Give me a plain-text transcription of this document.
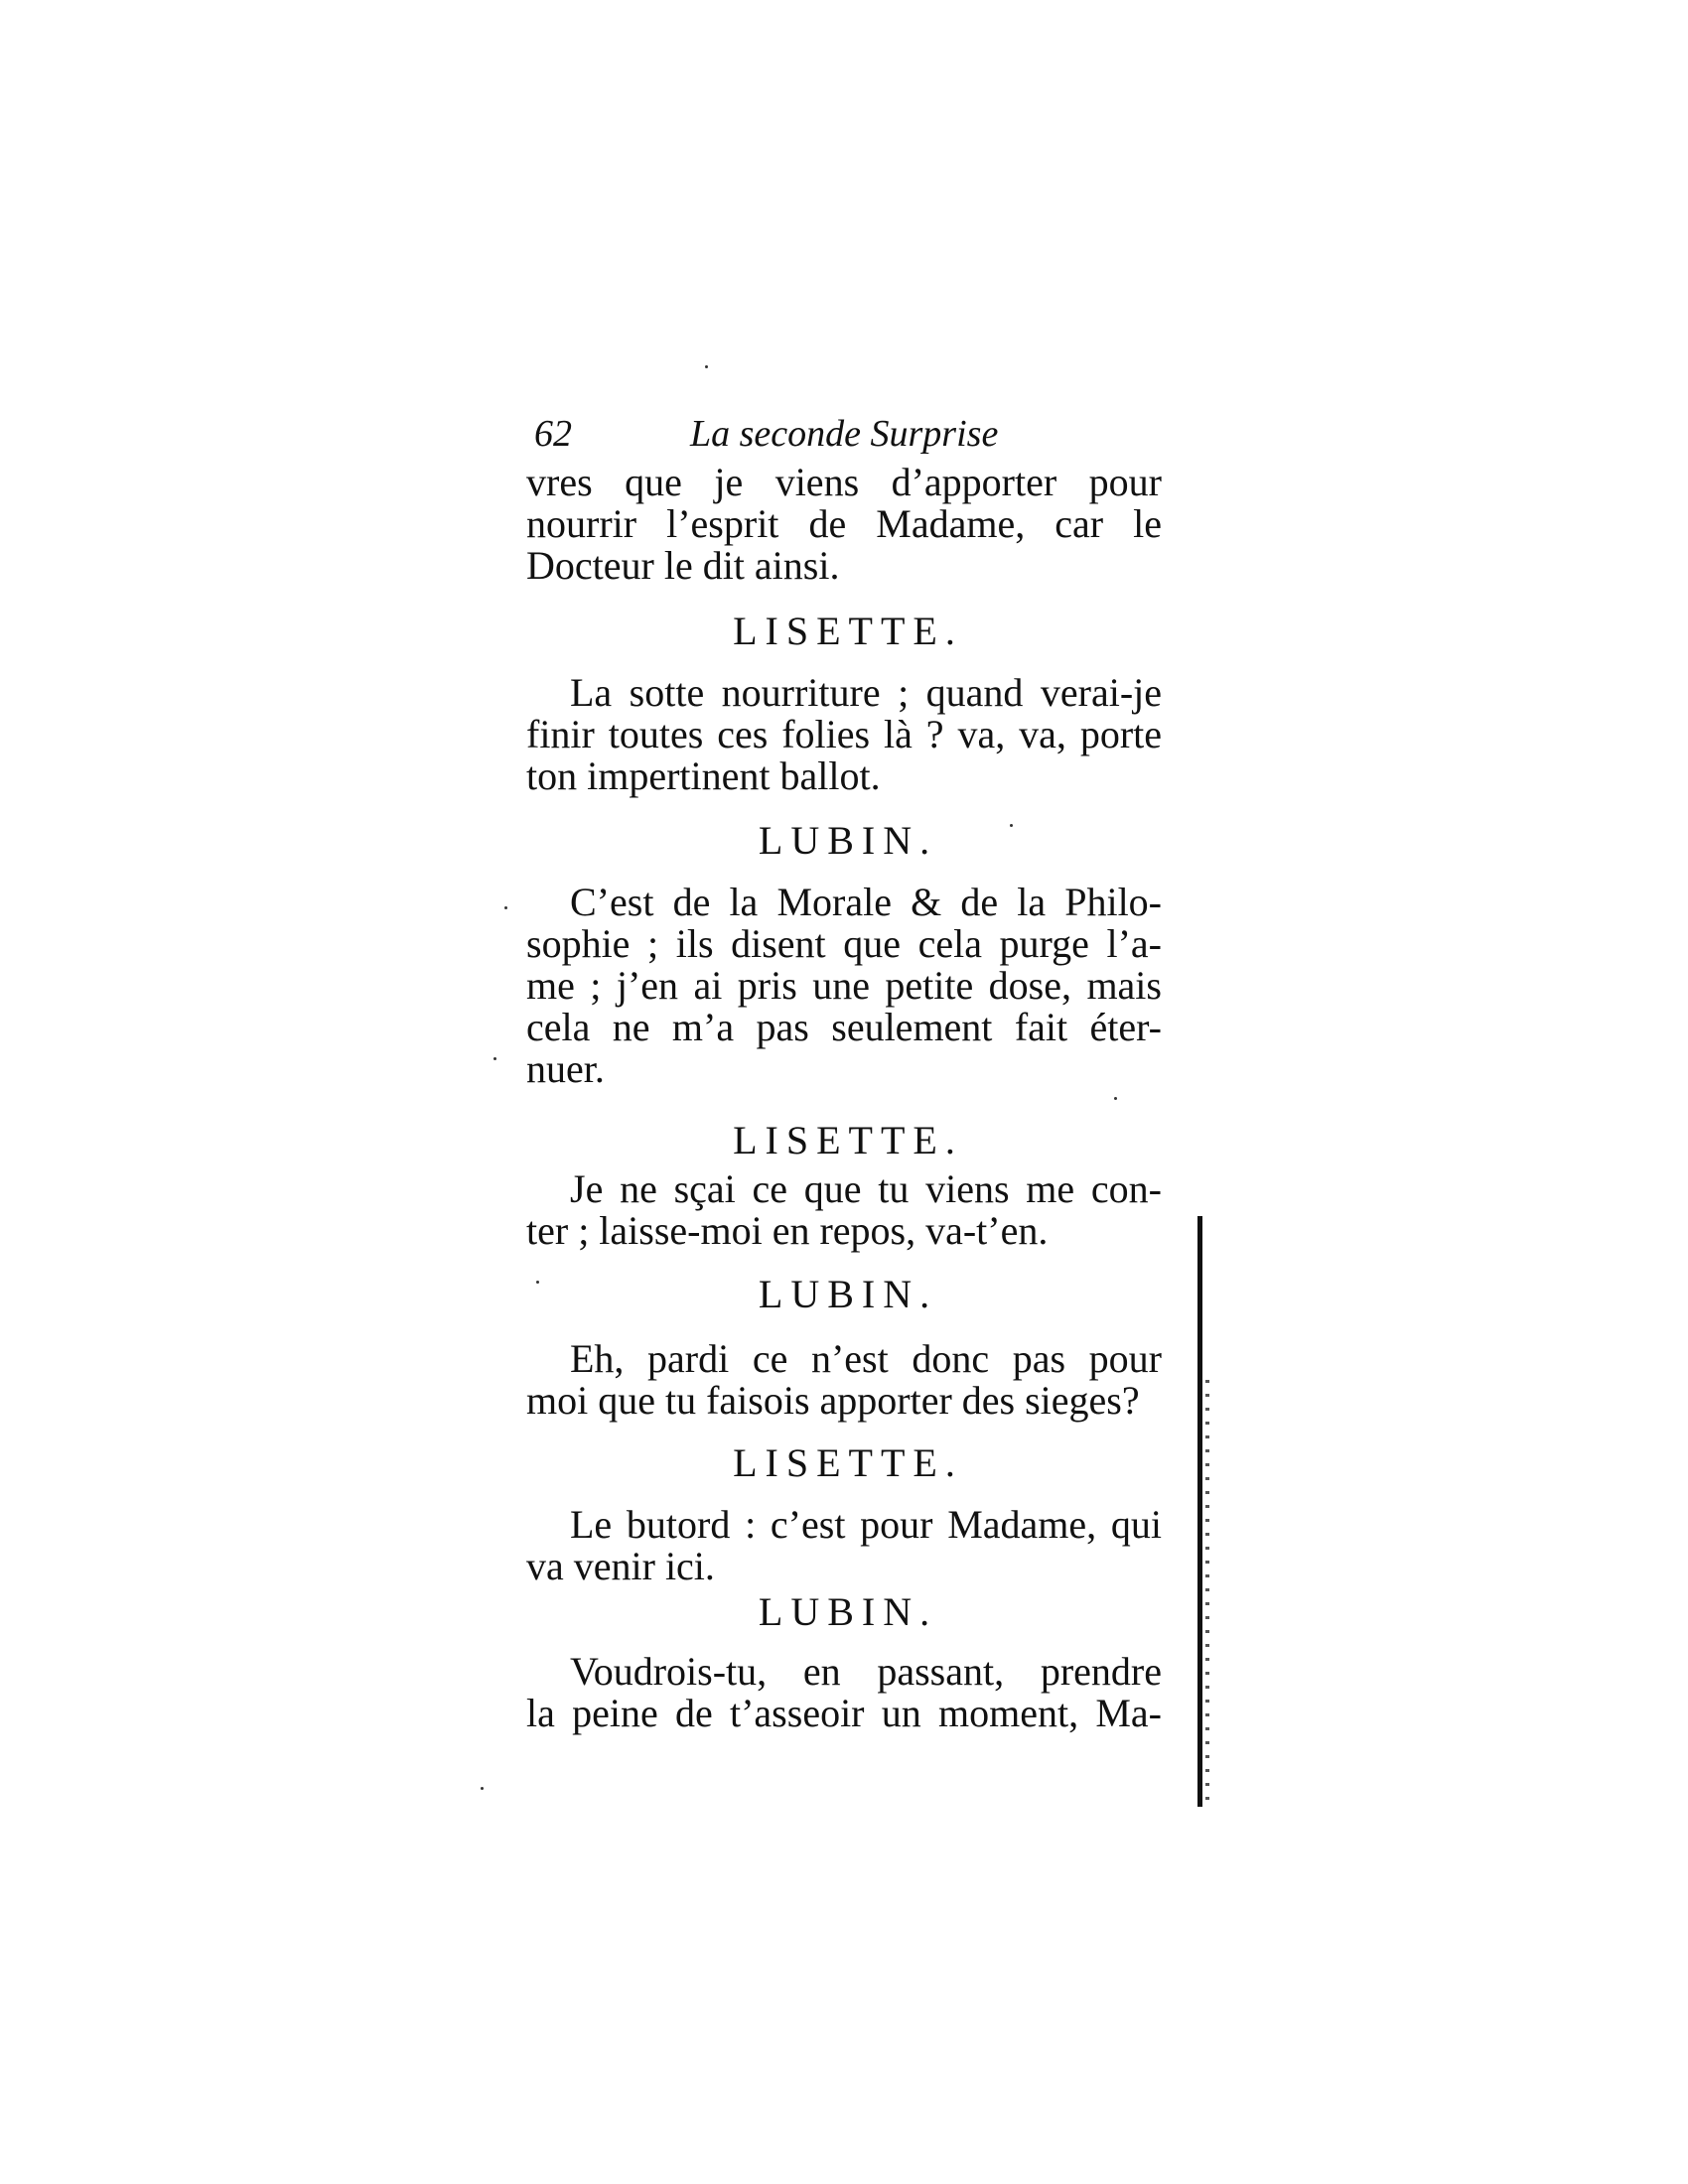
62	La seconde Surprise
vres que je viens d’apporter pour
nourrir l’esprit de Madame, car le
Docteur le dit ainsi.
LISETTE.
La sotte nourriture ; quand verai-je
finir toutes ces folies là ? va, va, porte
ton impertinent ballot.
LUBIN.
C’est de la Morale & de la Philo-
sophie ; ils disent que cela purge l’a-
me ; j’en ai pris une petite dose, mais
cela ne m’a pas seulement fait éter-
nuer.
LISETTE.
Je ne sçai ce que tu viens me con-
ter ; laisse-moi en repos, va-t’en.
LUBIN.
Eh, pardi ce n’est donc pas pour
moi que tu faisois apporter des sieges?
LISETTE.
Le butord : c’est pour Madame, qui
va venir ici.
LUBIN.
Voudrois-tu, en passant, prendre
la peine de t’asseoir un moment, Ma-
